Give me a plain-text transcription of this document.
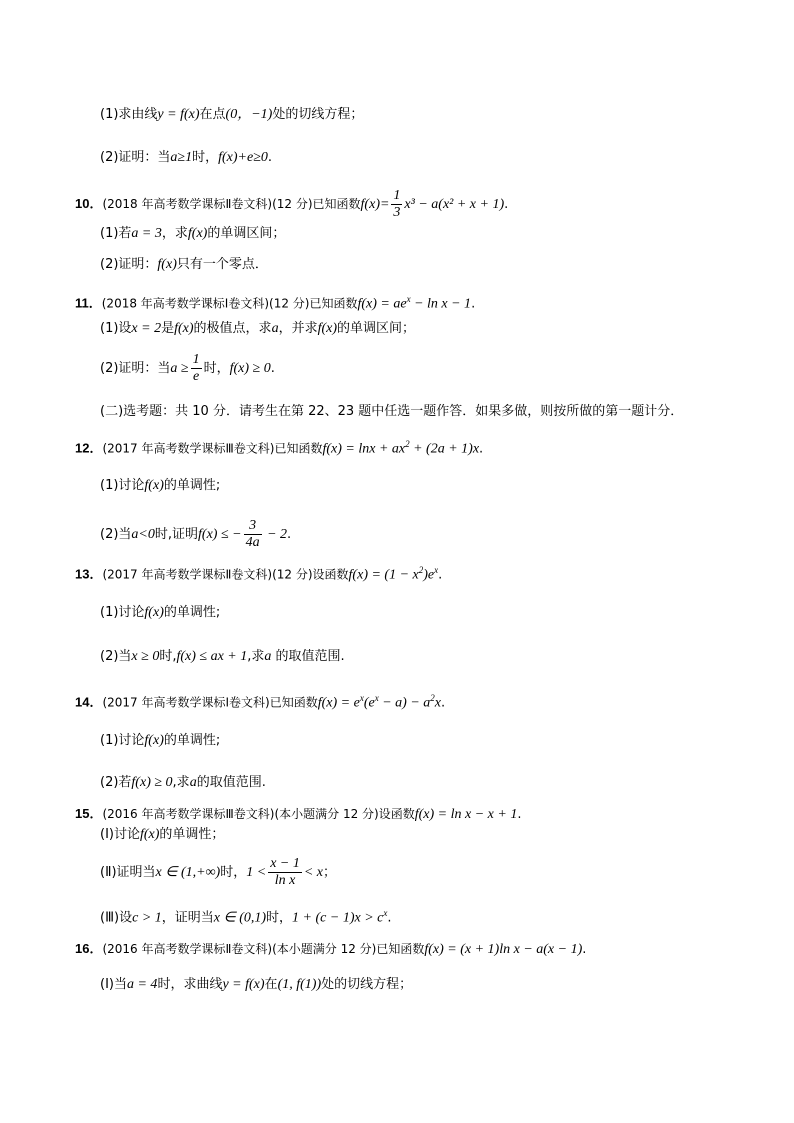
(1)求由线y = f(x)在点(0，−1)处的切线方程；
(2)证明：当a≥1时，f(x)+e≥0.
10．(2018 年高考数学课标Ⅱ卷文科)(12 分)已知函数$f(x)= \frac{1}{3} x^3 - a(x^2 + x + 1)$.
(1)若a = 3，求f(x)的单调区间；
(2)证明：f(x)只有一个零点．
11．(2018 年高考数学课标Ⅰ卷文科)(12 分)已知函数$f(x) = ae^x - \ln x - 1$.
(1)设x = 2是f(x)的极值点，求a，并求f(x)的单调区间；
(2)证明：当$a \ge \frac{1}{e}$ 时，f(x) ≥ 0.
(二)选考题：共 10 分．请考生在第 22、23 题中任选一题作答．如果多做，则按所做的第一题计分．
12．(2017 年高考数学课标Ⅲ卷文科)已知函数$f(x) = \ln x + ax^2 + (2a + 1)x$.
(1)讨论f(x)的单调性;
(2)当a<0时,证明f(x) ≤ − $\frac{3}{4a} - 2$.
13．(2017 年高考数学课标Ⅱ卷文科)(12 分)设函数$f(x) = (1 - x^2)e^x$.
(1)讨论f(x)的单调性;
(2)当x ≥ 0时,f(x) ≤ ax + 1,求a 的取值范围.
14．(2017 年高考数学课标Ⅰ卷文科)已知函数$f(x) = e^x(e^x - a) - a^2x$.
(1)讨论f(x)的单调性;
(2)若f(x) ≥ 0,求a的取值范围.
15．(2016 年高考数学课标Ⅲ卷文科)(本小题满分 12 分)设函数f(x) = ln x − x + 1.
(Ⅰ)讨论f(x)的单调性；
(Ⅱ)证明当x ∈ (1,+∞)时，$1 < \frac{x - 1}{\text{ln x}} < x$；
(Ⅲ)设c > 1，证明当x ∈ (0,1)时，$1 + (c - 1)x > c^x$.
16．(2016 年高考数学课标Ⅱ卷文科)(本小题满分 12 分)已知函数f(x) = (x + 1)ln x − a(x − 1).
(Ⅰ)当a = 4时，求曲线y = f(x)在(1, f(1))处的切线方程；
